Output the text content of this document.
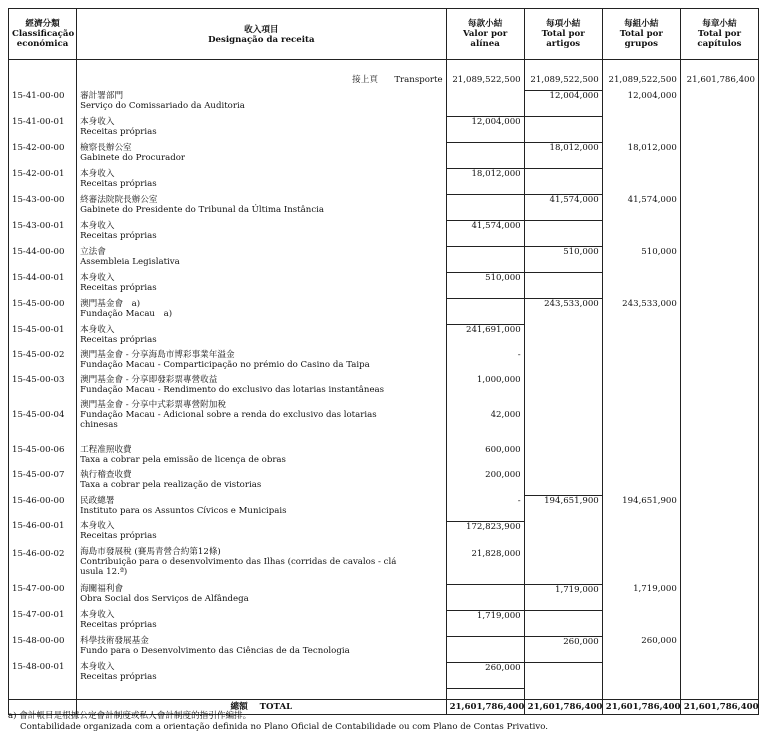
經濟分類
Classificação
económica	收入項目
Designação da receita	每款小結
Valor por
alínea	每項小結
Total por
artigos	每組小結
Total por
grupos	每章小結
Total por
capítulos

	接上頁 Transporte	21,089,522,500	21,089,522,500	21,089,522,500	21,601,786,400
15-41-00-00	審計署部門
Serviço do Comissariado da Auditoria		12,004,000	12,004,000	
15-41-00-01	本身收入
Receitas próprias	12,004,000			
15-42-00-00	檢察長辦公室
Gabinete do Procurador		18,012,000	18,012,000	
15-42-00-01	本身收入
Receitas próprias	18,012,000			
15-43-00-00	終審法院院長辦公室
Gabinete do Presidente do Tribunal da Última Instância		41,574,000	41,574,000	
15-43-00-01	本身收入
Receitas próprias	41,574,000			
15-44-00-00	立法會
Assembleia Legislativa		510,000	510,000	
15-44-00-01	本身收入
Receitas próprias	510,000			
15-45-00-00	澳門基金會　a)
Fundação Macau　a)		243,533,000	243,533,000	
15-45-00-01	本身收入
Receitas próprias	241,691,000			
15-45-00-02	澳門基金會 - 分享海島市博彩事業年溢金
Fundação Macau - Comparticipação no prémio do Casino da Taipa	-			
15-45-00-03	澳門基金會 - 分享即發彩票專營收益
Fundação Macau - Rendimento do exclusivo das lotarias instantâneas	1,000,000			
15-45-00-04	澳門基金會 - 分享中式彩票專營附加稅
Fundação Macau - Adicional sobre a renda do exclusivo das lotarias
chinesas	42,000			
15-45-00-06	工程准照收費
Taxa a cobrar pela emissão de licença de obras	600,000			
15-45-00-07	執行稽查收費
Taxa a cobrar pela realização de vistorias	200,000			
15-46-00-00	民政總署
Instituto para os Assuntos Cívicos e Municipais	-	194,651,900	194,651,900	
15-46-00-01	本身收入
Receitas próprias	172,823,900			
15-46-00-02	海島市發展稅 (賽馬青營合約第12條)
Contribuição para o desenvolvimento das Ilhas (corridas de cavalos - clá
usula 12.ª)	21,828,000			
15-47-00-00	海關福利會
Obra Social dos Serviços de Alfândega		1,719,000	1,719,000	
15-47-00-01	本身收入
Receitas próprias	1,719,000			
15-48-00-00	科學技術發展基金
Fundo para o Desenvolvimento das Ciências de da Tecnologia		260,000	260,000	
15-48-00-01	本身收入
Receitas próprias	260,000			

	總額 TOTAL	21,601,786,400	21,601,786,400	21,601,786,400	21,601,786,400
a) 會計帳目是根據公定會計制度或私人會計制度的指引作編排。
Contabilidade organizada com a orientação definida no Plano Oficial de Contabilidade ou com Plano de Contas Privativo.
